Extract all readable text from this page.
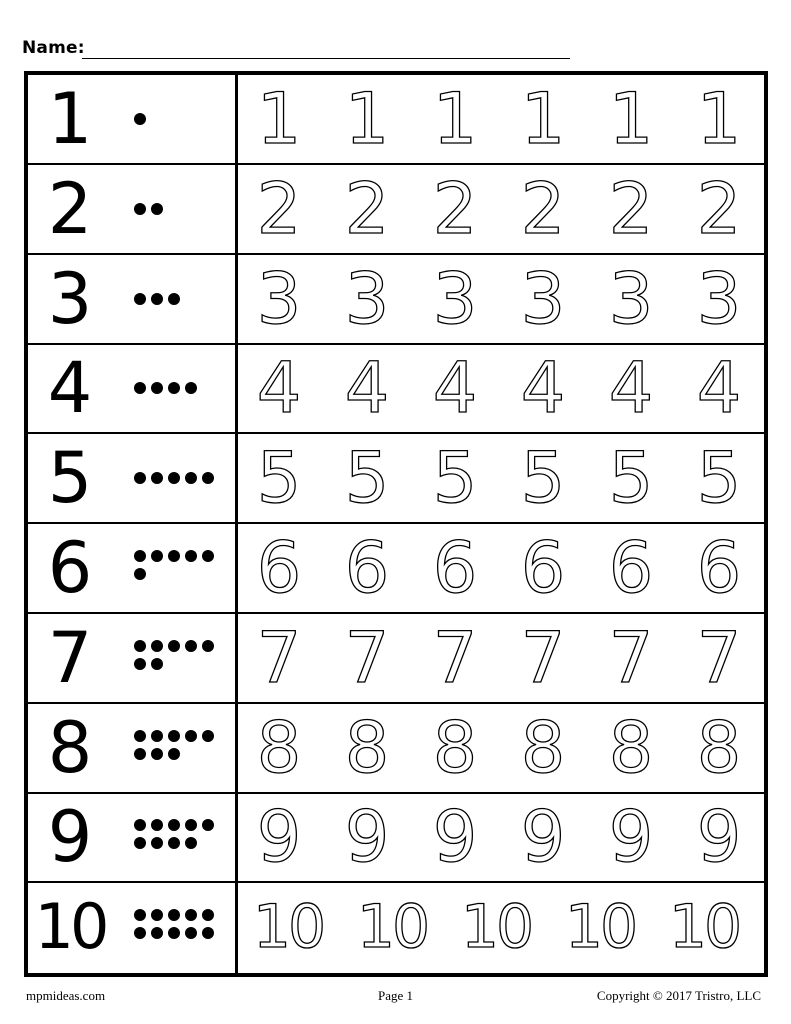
Name:
1 1 1 1 1 1 1
2 2 2 2 2 2 2
3 3 3 3 3 3 3
4 4 4 4 4 4 4
5 5 5 5 5 5 5
6 6 6 6 6 6 6
7 7 7 7 7 7 7
8 8 8 8 8 8 8
9 9 9 9 9 9 9
10 10 10 10 10 10
mpmideas.com	Page 1	Copyright © 2017 Tristro, LLC
